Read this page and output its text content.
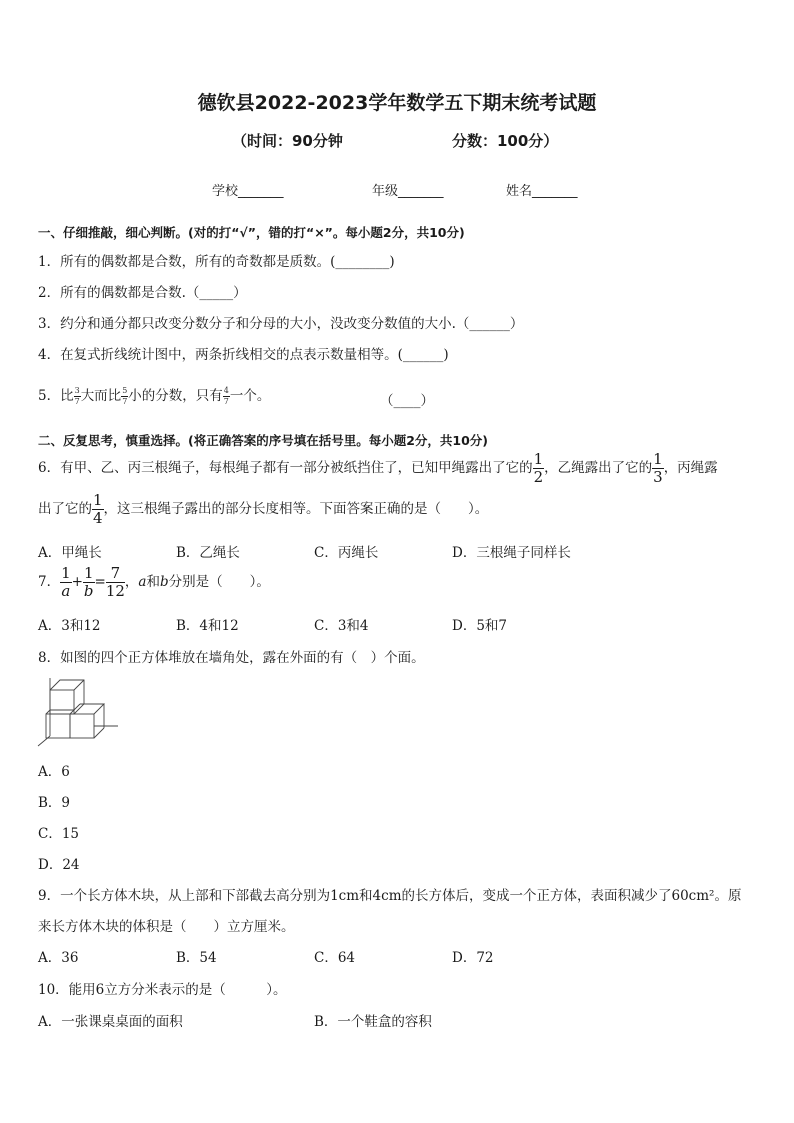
德钦县2022-2023学年数学五下期末统考试题
（时间：90分钟	分数：100分）
学校_______	年级_______	姓名_______
一、仔细推敲，细心判断。(对的打“√”，错的打“×”。每小题2分，共10分)
1．所有的偶数都是合数，所有的奇数都是质数。(________)
2．所有的偶数都是合数.（_____）
3．约分和通分都只改变分数分子和分母的大小，没改变分数值的大小.（______）
4．在复式折线统计图中，两条折线相交的点表示数量相等。(______)
5．比 $\frac{3}{7}$ 大而比 $\frac{5}{7}$ 小的分数，只有 $\frac{4}{7}$ 一个。	（____）
二、反复思考，慎重选择。(将正确答案的序号填在括号里。每小题2分，共10分)
6．有甲、乙、丙三根绳子，每根绳子都有一部分被纸挡住了，已知甲绳露出了它的 $\frac{1}{2}$ ，乙绳露出了它的 $\frac{1}{3}$ ，丙绳露
出了它的 $\frac{1}{4}$ ，这三根绳子露出的部分长度相等。下面答案正确的是（　　）。
A．甲绳长	B．乙绳长	C．丙绳长	D．三根绳子同样长
7． $\frac{1}{a} + \frac{1}{b} = \frac{7}{12}$ ，a和b分别是（　　）。
A．3和12	B．4和12	C．3和4	D．5和7
8．如图的四个正方体堆放在墙角处，露在外面的有（　）个面。
A．6
B．9
C．15
D．24
9．一个长方体木块，从上部和下部截去高分别为1cm和4cm的长方体后，变成一个正方体，表面积减少了60cm²。原
来长方体木块的体积是（　　）立方厘米。
A．36	B．54	C．64	D．72
10．能用6立方分米表示的是（　　　）。
A．一张课桌桌面的面积	B．一个鞋盒的容积
